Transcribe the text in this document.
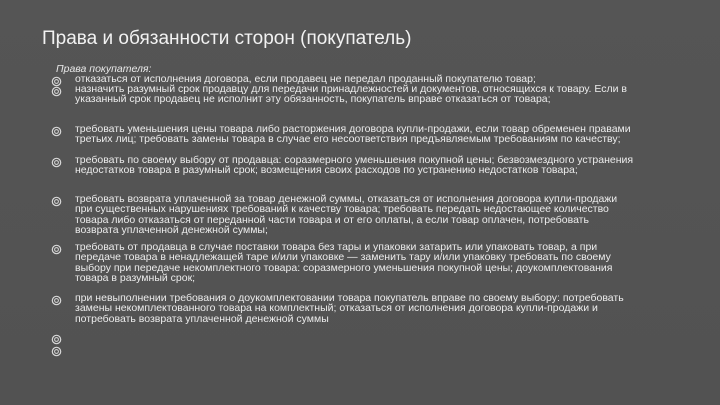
Права и обязанности сторон (покупатель)
Права покупателя:
отказаться от исполнения договора, если продавец не передал проданный покупателю товар;
назначить разумный срок продавцу для передачи принадлежностей и документов, относящихся к товару. Если в указанный срок продавец не исполнит эту обязанность, покупатель вправе отказаться от товара;
требовать уменьшения цены товара либо расторжения договора купли-продажи, если товар обременен правами третьих лиц; требовать замены товара в случае его несоответствия предъявляемым требованиям по качеству;
требовать по своему выбору от продавца: соразмерного уменьшения покупной цены; безвозмездного устранения недостатков товара в разумный срок; возмещения своих расходов по устранению недостатков товара;
требовать возврата уплаченной за товар денежной суммы, отказаться от исполнения договора купли-продажи при существенных нарушениях требований к качеству товара; требовать передать недостающее количество товара либо отказаться от переданной части товара и от его оплаты, а если товар оплачен, потребовать возврата уплаченной денежной суммы;
требовать от продавца в случае поставки товара без тары и упаковки затарить или упаковать товар, а при передаче товара в ненадлежащей таре и/или упаковке — заменить тару и/или упаковку требовать по своему выбору при передаче некомплектного товара: соразмерного уменьшения покупной цены; доукомплектования товара в разумный срок;
при невыполнении требования о доукомплектовании товара покупатель вправе по своему выбору: потребовать замены некомплектованного товара на комплектный; отказаться от исполнения договора купли-продажи и потребовать возврата уплаченной денежной суммы
